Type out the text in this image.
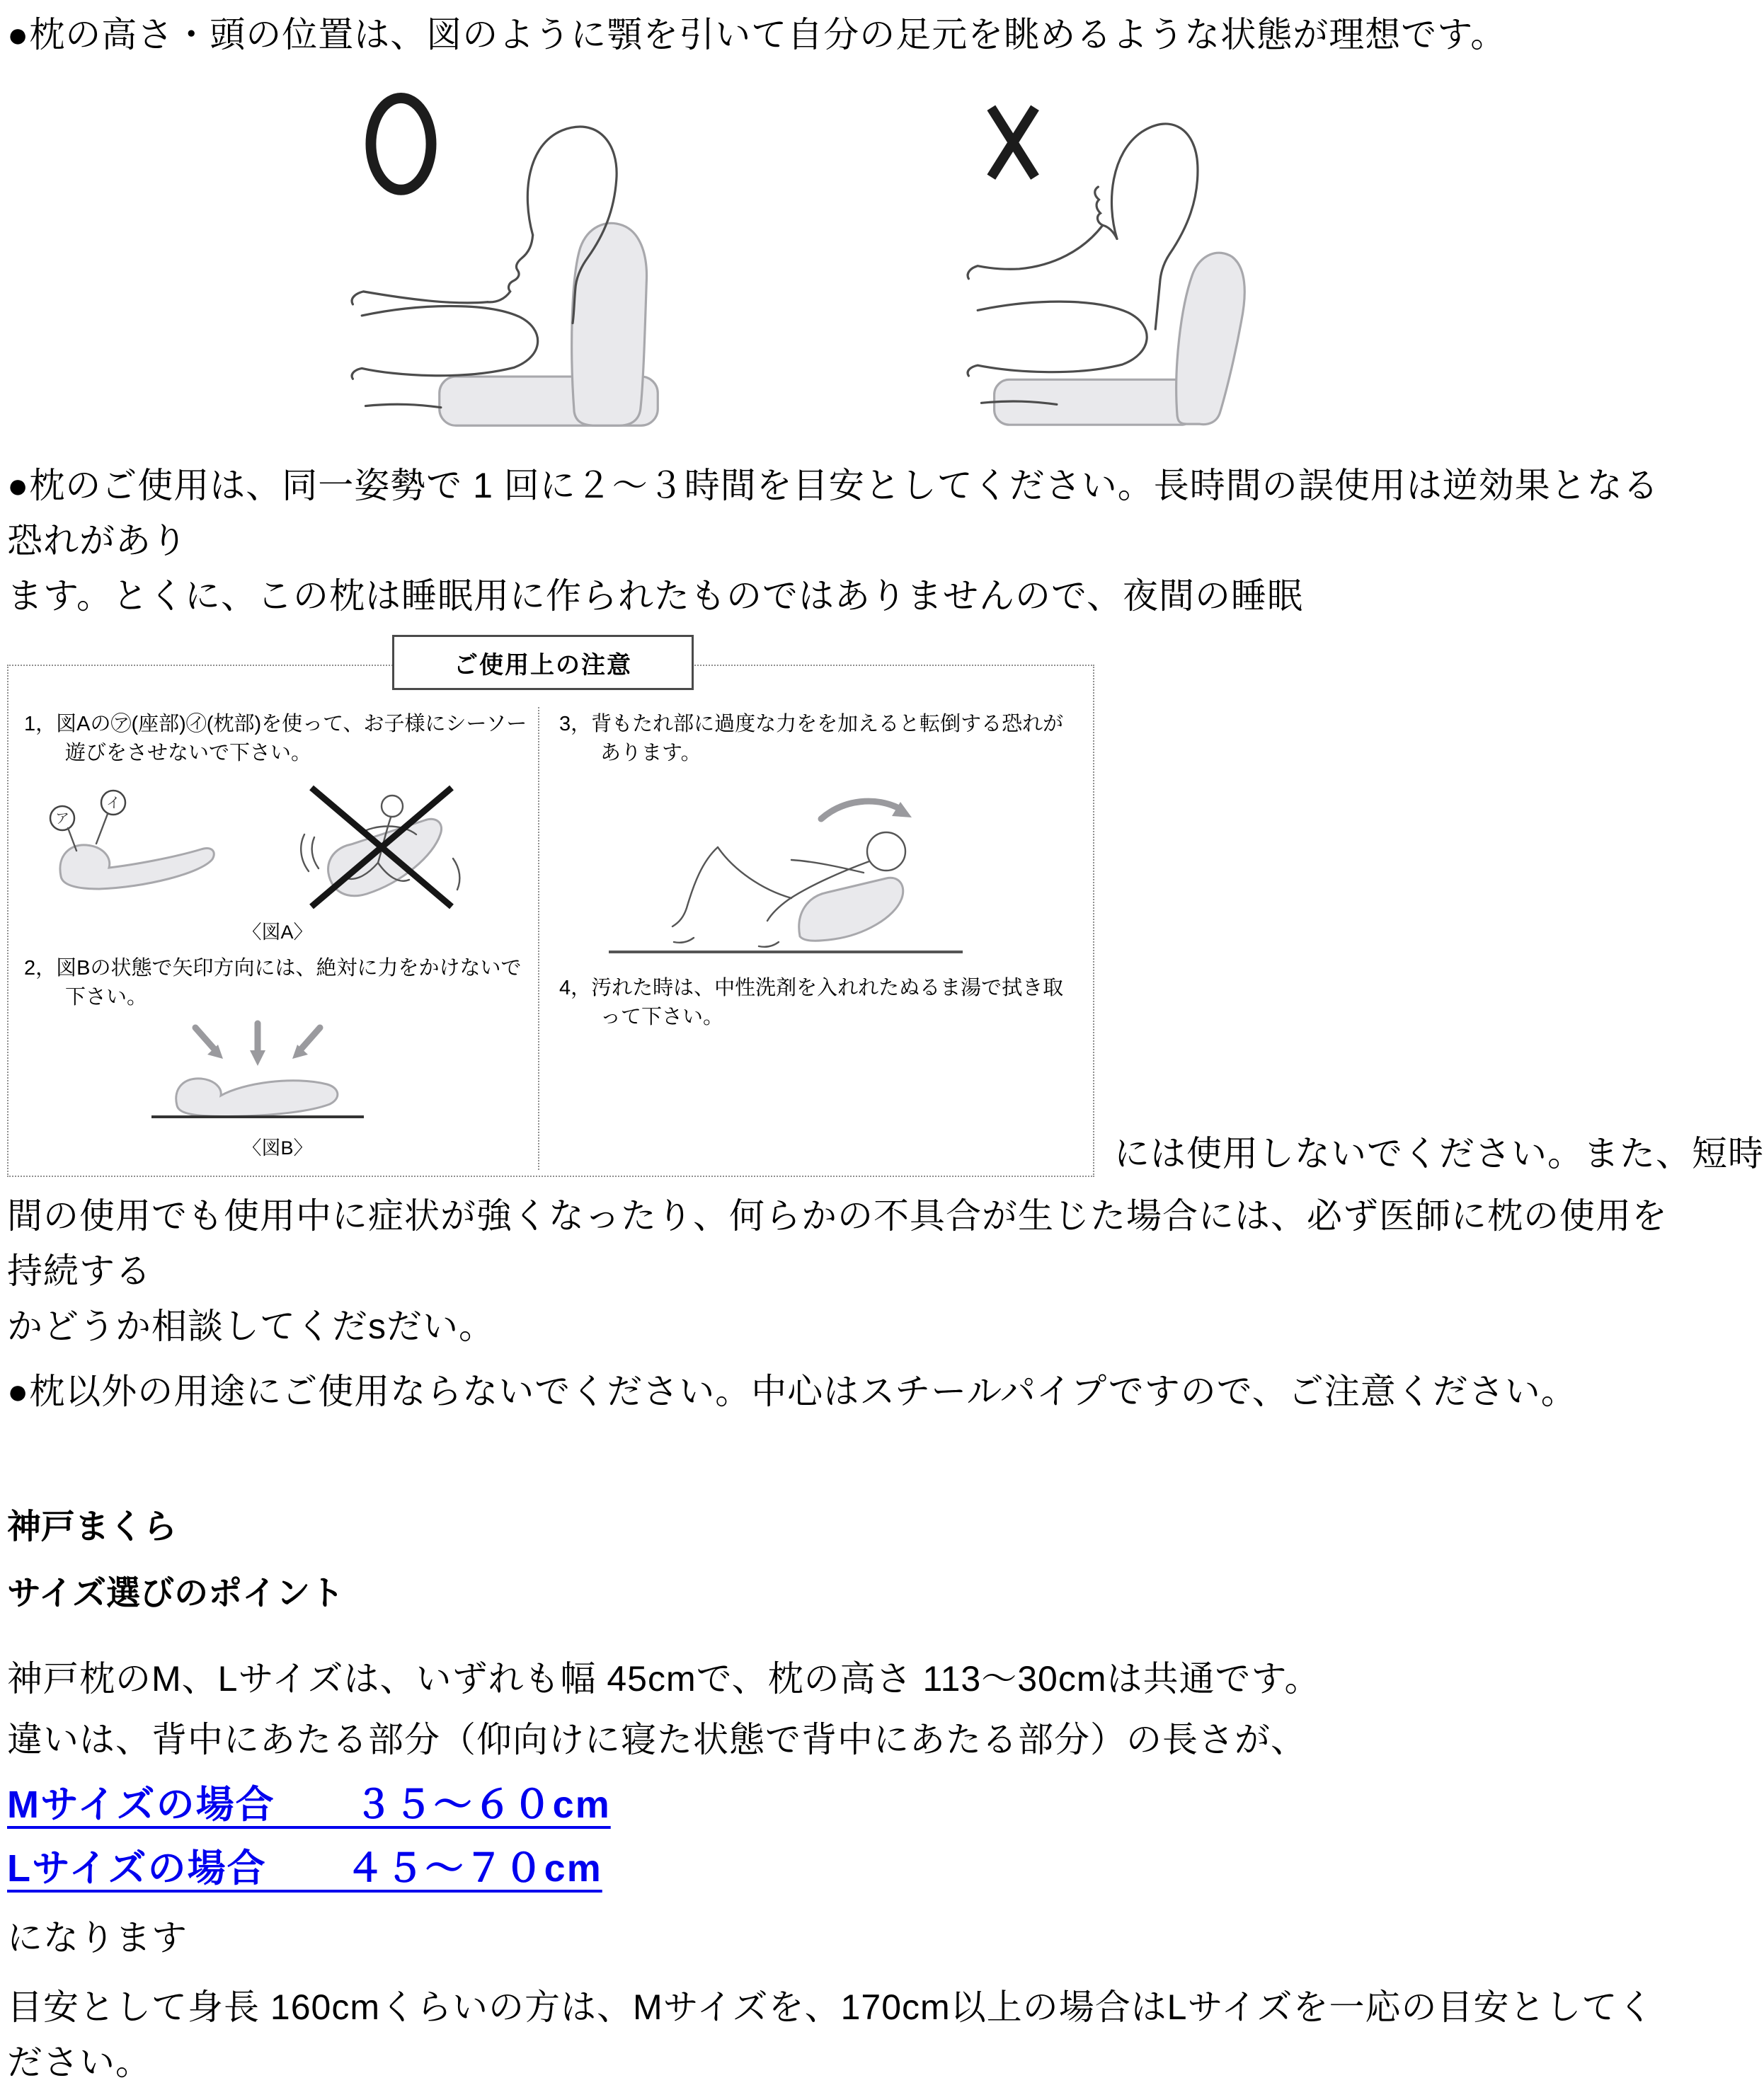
●枕の高さ・頭の位置は、図のように顎を引いて自分の足元を眺めるような状態が理想です。

●枕のご使用は、同一姿勢で 1 回に２～３時間を目安としてください。長時間の誤使用は逆効果となる恐れがあり
ます。とくに、この枕は睡眠用に作られたものではありませんので、夜間の睡眠
ご使用上の注意
1，図Aの㋐(座部)㋑(枕部)を使って、お子様にシーソー遊びをさせないで下さい。
ア
イ
〈図A〉
2，図Bの状態で矢印方向には、絶対に力をかけないで下さい。
〈図B〉
3，背もたれ部に過度な力をを加えると転倒する恐れがあります。
4，汚れた時は、中性洗剤を入れれたぬるま湯で拭き取って下さい。
には使用しないでください。また、短時
間の使用でも使用中に症状が強くなったり、何らかの不具合が生じた場合には、必ず医師に枕の使用を持続する
かどうか相談してくだsだい。

●枕以外の用途にご使用ならないでください。中心はスチールパイプですので、ご注意ください。

神戸まくら
サイズ選びのポイント
神戸枕のM、Lサイズは、いずれも幅 45cmで、枕の高さ 113～30cmは共通です。
違いは、背中にあたる部分（仰向けに寝た状態で背中にあたる部分）の長さが、
Mサイズの場合　　３５～６０cm
Lサイズの場合　　４５～７０cm
になります
目安として身長 160cmくらいの方は、Mサイズを、170cm以上の場合はLサイズを一応の目安としてください。
